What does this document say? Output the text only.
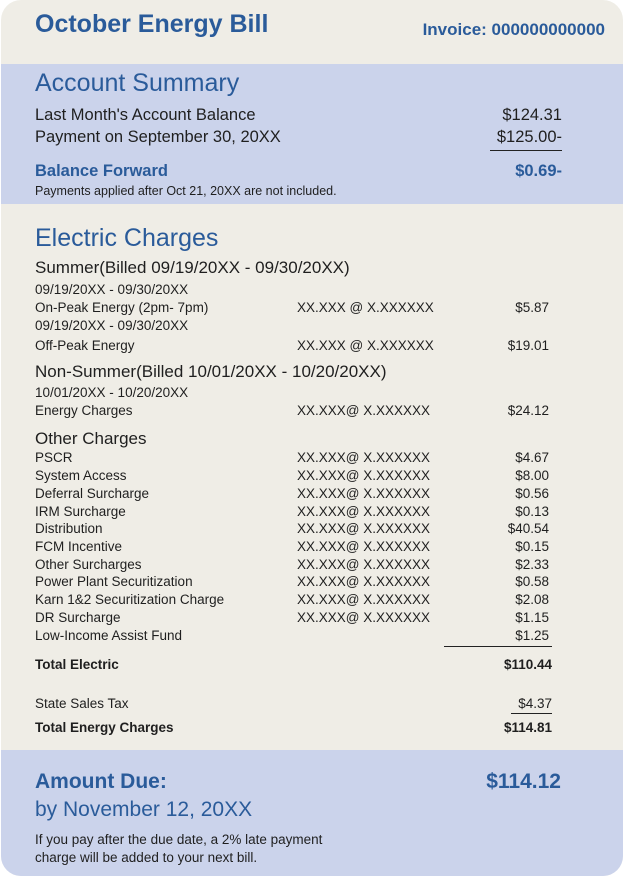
October Energy Bill	Invoice: 000000000000
Account Summary
Last Month's Account Balance	$124.31
Payment on September 30, 20XX	$125.00-
Balance Forward	$0.69-
Payments applied after Oct 21, 20XX are not included.
Electric Charges
Summer(Billed 09/19/20XX - 09/30/20XX)
09/19/20XX - 09/30/20XX
On-Peak Energy (2pm- 7pm)	XX.XXX @ X.XXXXXX	$5.87
09/19/20XX - 09/30/20XX
Off-Peak Energy	XX.XXX @ X.XXXXXX	$19.01
Non-Summer(Billed 10/01/20XX - 10/20/20XX)
10/01/20XX - 10/20/20XX
Energy Charges	XX.XXX@ X.XXXXXX	$24.12
Other Charges
PSCR	XX.XXX@ X.XXXXXX	$4.67
System Access	XX.XXX@ X.XXXXXX	$8.00
Deferral Surcharge	XX.XXX@ X.XXXXXX	$0.56
IRM Surcharge	XX.XXX@ X.XXXXXX	$0.13
Distribution	XX.XXX@ X.XXXXXX	$40.54
FCM Incentive	XX.XXX@ X.XXXXXX	$0.15
Other Surcharges	XX.XXX@ X.XXXXXX	$2.33
Power Plant Securitization	XX.XXX@ X.XXXXXX	$0.58
Karn 1&2 Securitization Charge	XX.XXX@ X.XXXXXX	$2.08
DR Surcharge	XX.XXX@ X.XXXXXX	$1.15
Low-Income Assist Fund	$1.25
Total Electric	$110.44
State Sales Tax	$4.37
Total Energy Charges	$114.81
Amount Due:	$114.12
by November 12, 20XX
If you pay after the due date, a 2% late payment
charge will be added to your next bill.
